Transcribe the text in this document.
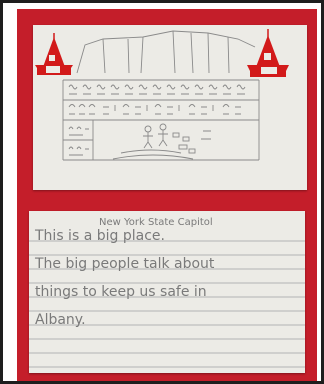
New York State Capitol
This is a big place.
The big people talk about
things to keep us safe in
Albany.
